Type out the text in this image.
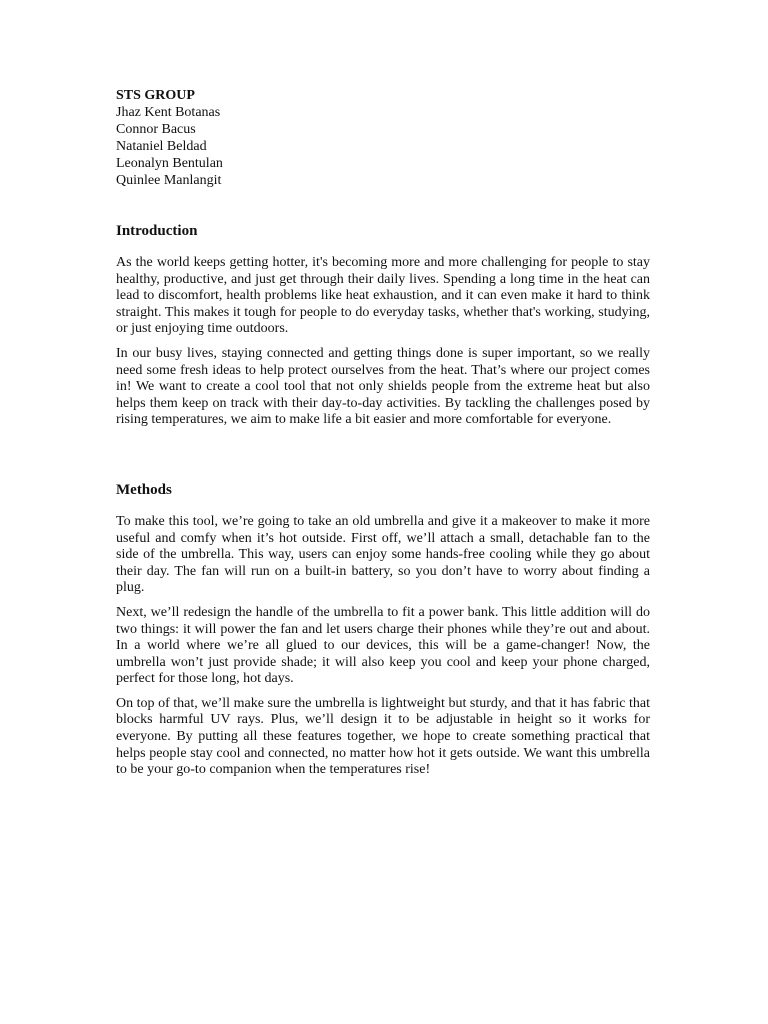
STS GROUP
Jhaz Kent Botanas
Connor Bacus
Nataniel Beldad
Leonalyn Bentulan
Quinlee Manlangit
Introduction

As the world keeps getting hotter, it's becoming more and more challenging for people to stay healthy, productive, and just get through their daily lives. Spending a long time in the heat can lead to discomfort, health problems like heat exhaustion, and it can even make it hard to think straight. This makes it tough for people to do everyday tasks, whether that's working, studying, or just enjoying time outdoors.

In our busy lives, staying connected and getting things done is super important, so we really need some fresh ideas to help protect ourselves from the heat. That’s where our project comes in! We want to create a cool tool that not only shields people from the extreme heat but also helps them keep on track with their day-to-day activities. By tackling the challenges posed by rising temperatures, we aim to make life a bit easier and more comfortable for everyone.

Methods

To make this tool, we’re going to take an old umbrella and give it a makeover to make it more useful and comfy when it’s hot outside. First off, we’ll attach a small, detachable fan to the side of the umbrella. This way, users can enjoy some hands-free cooling while they go about their day. The fan will run on a built-in battery, so you don’t have to worry about finding a plug.

Next, we’ll redesign the handle of the umbrella to fit a power bank. This little addition will do two things: it will power the fan and let users charge their phones while they’re out and about. In a world where we’re all glued to our devices, this will be a game-changer! Now, the umbrella won’t just provide shade; it will also keep you cool and keep your phone charged, perfect for those long, hot days.

On top of that, we’ll make sure the umbrella is lightweight but sturdy, and that it has fabric that blocks harmful UV rays. Plus, we’ll design it to be adjustable in height so it works for everyone. By putting all these features together, we hope to create something practical that helps people stay cool and connected, no matter how hot it gets outside. We want this umbrella to be your go-to companion when the temperatures rise!
